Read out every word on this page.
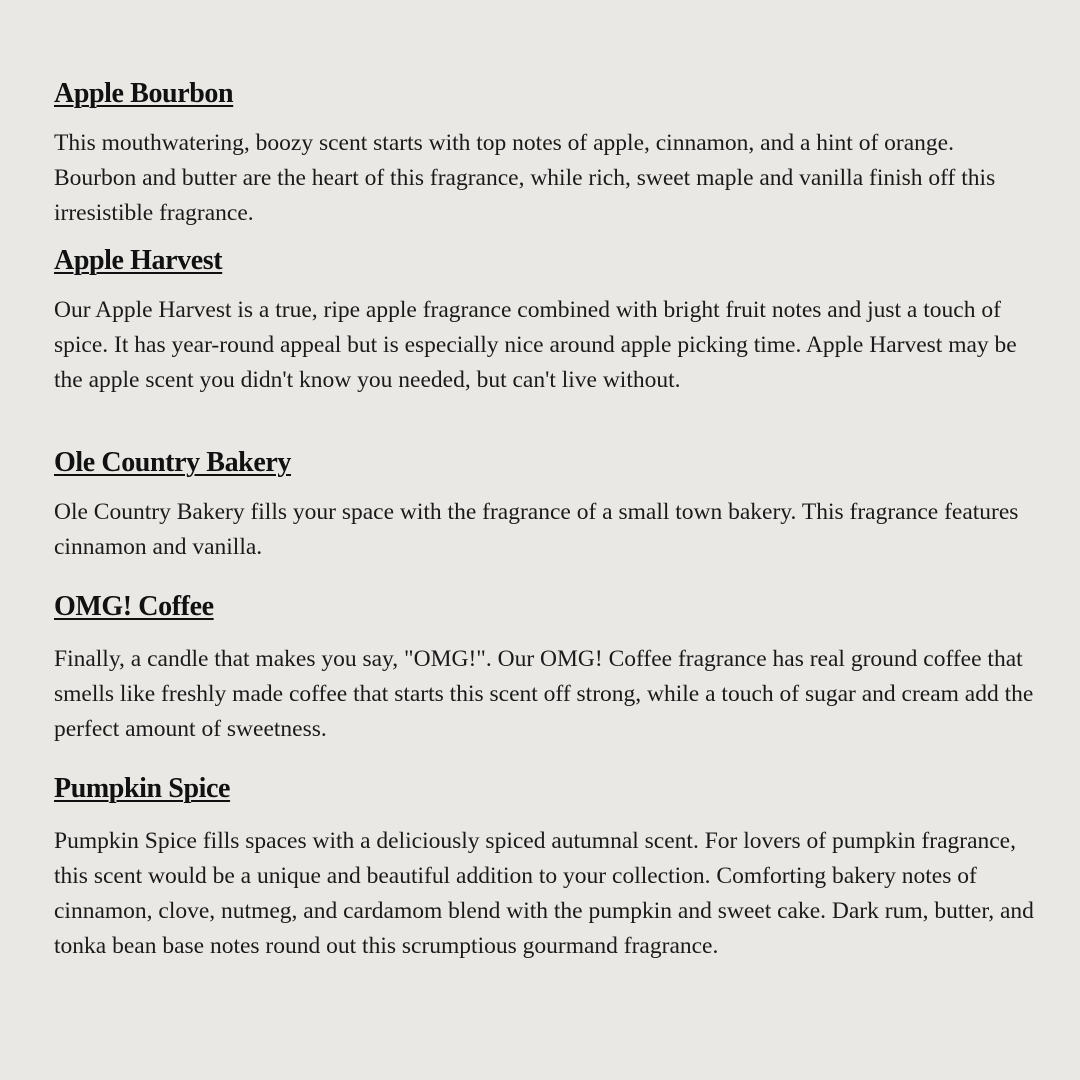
Apple Bourbon

This mouthwatering, boozy scent starts with top notes of apple, cinnamon, and a hint of orange. Bourbon and butter are the heart of this fragrance, while rich, sweet maple and vanilla finish off this irresistible fragrance.

Apple Harvest

Our Apple Harvest is a true, ripe apple fragrance combined with bright fruit notes and just a touch of spice. It has year-round appeal but is especially nice around apple picking time. Apple Harvest may be the apple scent you didn't know you needed, but can't live without.

Ole Country Bakery

Ole Country Bakery fills your space with the fragrance of a small town bakery. This fragrance features cinnamon and vanilla.

OMG! Coffee

Finally, a candle that makes you say, "OMG!". Our OMG! Coffee fragrance has real ground coffee that smells like freshly made coffee that starts this scent off strong, while a touch of sugar and cream add the perfect amount of sweetness.

Pumpkin Spice

Pumpkin Spice fills spaces with a deliciously spiced autumnal scent. For lovers of pumpkin fragrance, this scent would be a unique and beautiful addition to your collection. Comforting bakery notes of cinnamon, clove, nutmeg, and cardamom blend with the pumpkin and sweet cake. Dark rum, butter, and tonka bean base notes round out this scrumptious gourmand fragrance.
